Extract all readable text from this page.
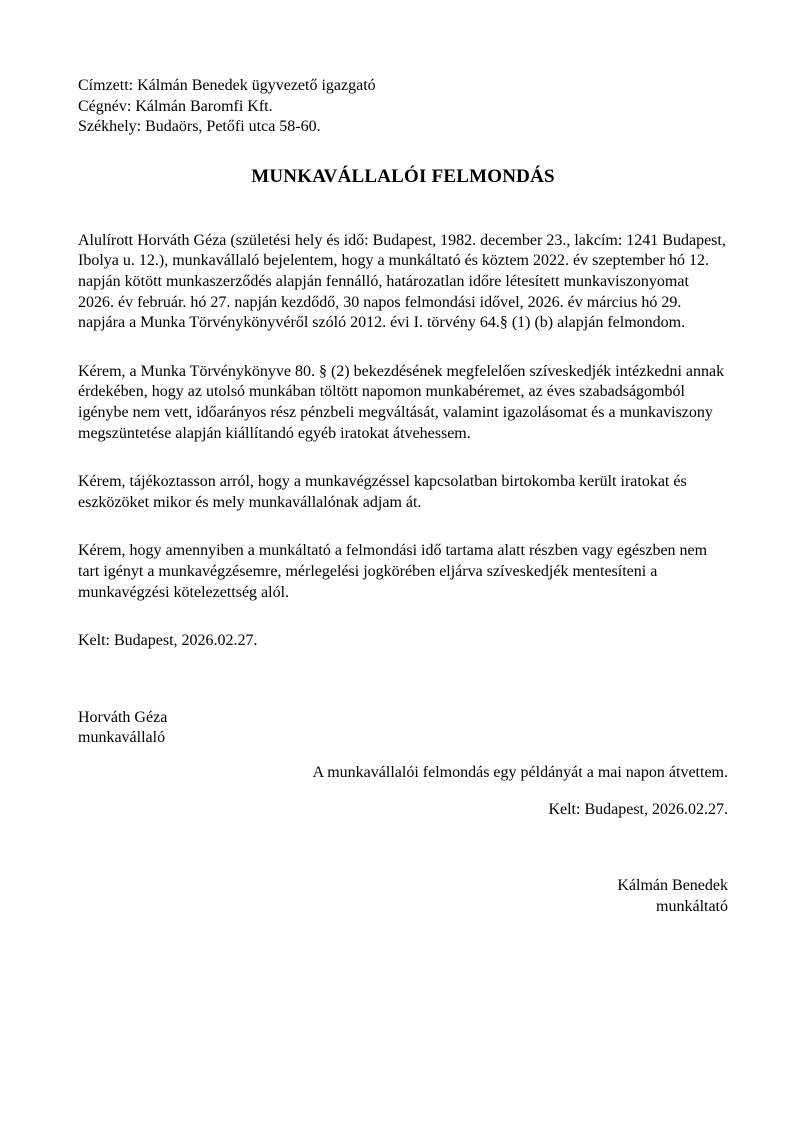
Címzett: Kálmán Benedek ügyvezető igazgató
Cégnév: Kálmán Baromfi Kft.
Székhely: Budaörs, Petőfi utca 58-60.
MUNKAVÁLLALÓI FELMONDÁS

Alulírott Horváth Géza (születési hely és idő: Budapest, 1982. december 23., lakcím: 1241 Budapest, Ibolya u. 12.), munkavállaló bejelentem, hogy a munkáltató és köztem 2022. év szeptember hó 12. napján kötött munkaszerződés alapján fennálló, határozatlan időre létesített munkaviszonyomat 2026. év február. hó 27. napján kezdődő, 30 napos felmondási idővel, 2026. év március hó 29. napjára a Munka Törvénykönyvéről szóló 2012. évi I. törvény 64.§ (1) (b) alapján felmondom.

Kérem, a Munka Törvénykönyve 80. § (2) bekezdésének megfelelően szíveskedjék intézkedni annak érdekében, hogy az utolsó munkában töltött napomon munkabéremet, az éves szabadságomból igénybe nem vett, időarányos rész pénzbeli megváltását, valamint igazolásomat és a munkaviszony megszüntetése alapján kiállítandó egyéb iratokat átvehessem.

Kérem, tájékoztasson arról, hogy a munkavégzéssel kapcsolatban birtokomba került iratokat és eszközöket mikor és mely munkavállalónak adjam át.

Kérem, hogy amennyiben a munkáltató a felmondási idő tartama alatt részben vagy egészben nem tart igényt a munkavégzésemre, mérlegelési jogkörében eljárva szíveskedjék mentesíteni a munkavégzési kötelezettség alól.

Kelt: Budapest, 2026.02.27.
Horváth Géza
munkavállaló
A munkavállalói felmondás egy példányát a mai napon átvettem.
Kelt: Budapest, 2026.02.27.
Kálmán Benedek
munkáltató
